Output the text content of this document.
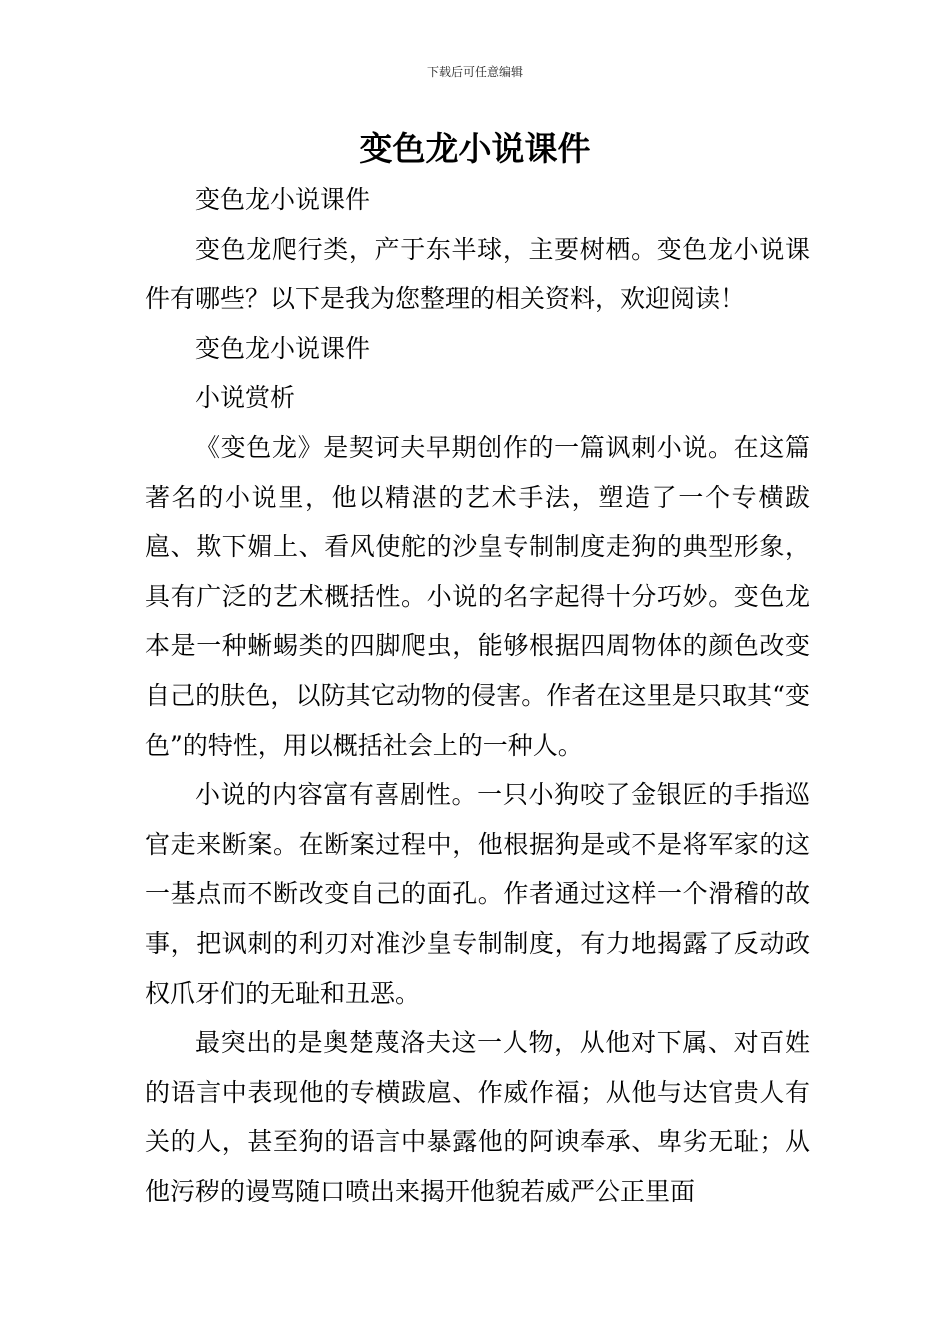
下载后可任意编辑
变色龙小说课件

变色龙小说课件

变色龙爬行类，产于东半球，主要树栖。变色龙小说课件有哪些？以下是我为您整理的相关资料，欢迎阅读！

变色龙小说课件

小说赏析

《变色龙》是契诃夫早期创作的一篇讽刺小说。在这篇著名的小说里，他以精湛的艺术手法，塑造了一个专横跋扈、欺下媚上、看风使舵的沙皇专制制度走狗的典型形象，具有广泛的艺术概括性。小说的名字起得十分巧妙。变色龙本是一种蜥蜴类的四脚爬虫，能够根据四周物体的颜色改变自己的肤色，以防其它动物的侵害。作者在这里是只取其“变色”的特性，用以概括社会上的一种人。

小说的内容富有喜剧性。一只小狗咬了金银匠的手指巡官走来断案。在断案过程中，他根据狗是或不是将军家的这一基点而不断改变自己的面孔。作者通过这样一个滑稽的故事，把讽刺的利刃对准沙皇专制制度，有力地揭露了反动政权爪牙们的无耻和丑恶。

最突出的是奥楚蔑洛夫这一人物，从他对下属、对百姓的语言中表现他的专横跋扈、作威作福；从他与达官贵人有关的人，甚至狗的语言中暴露他的阿谀奉承、卑劣无耻；从他污秽的谩骂随口喷出来揭开他貌若威严公正里面
